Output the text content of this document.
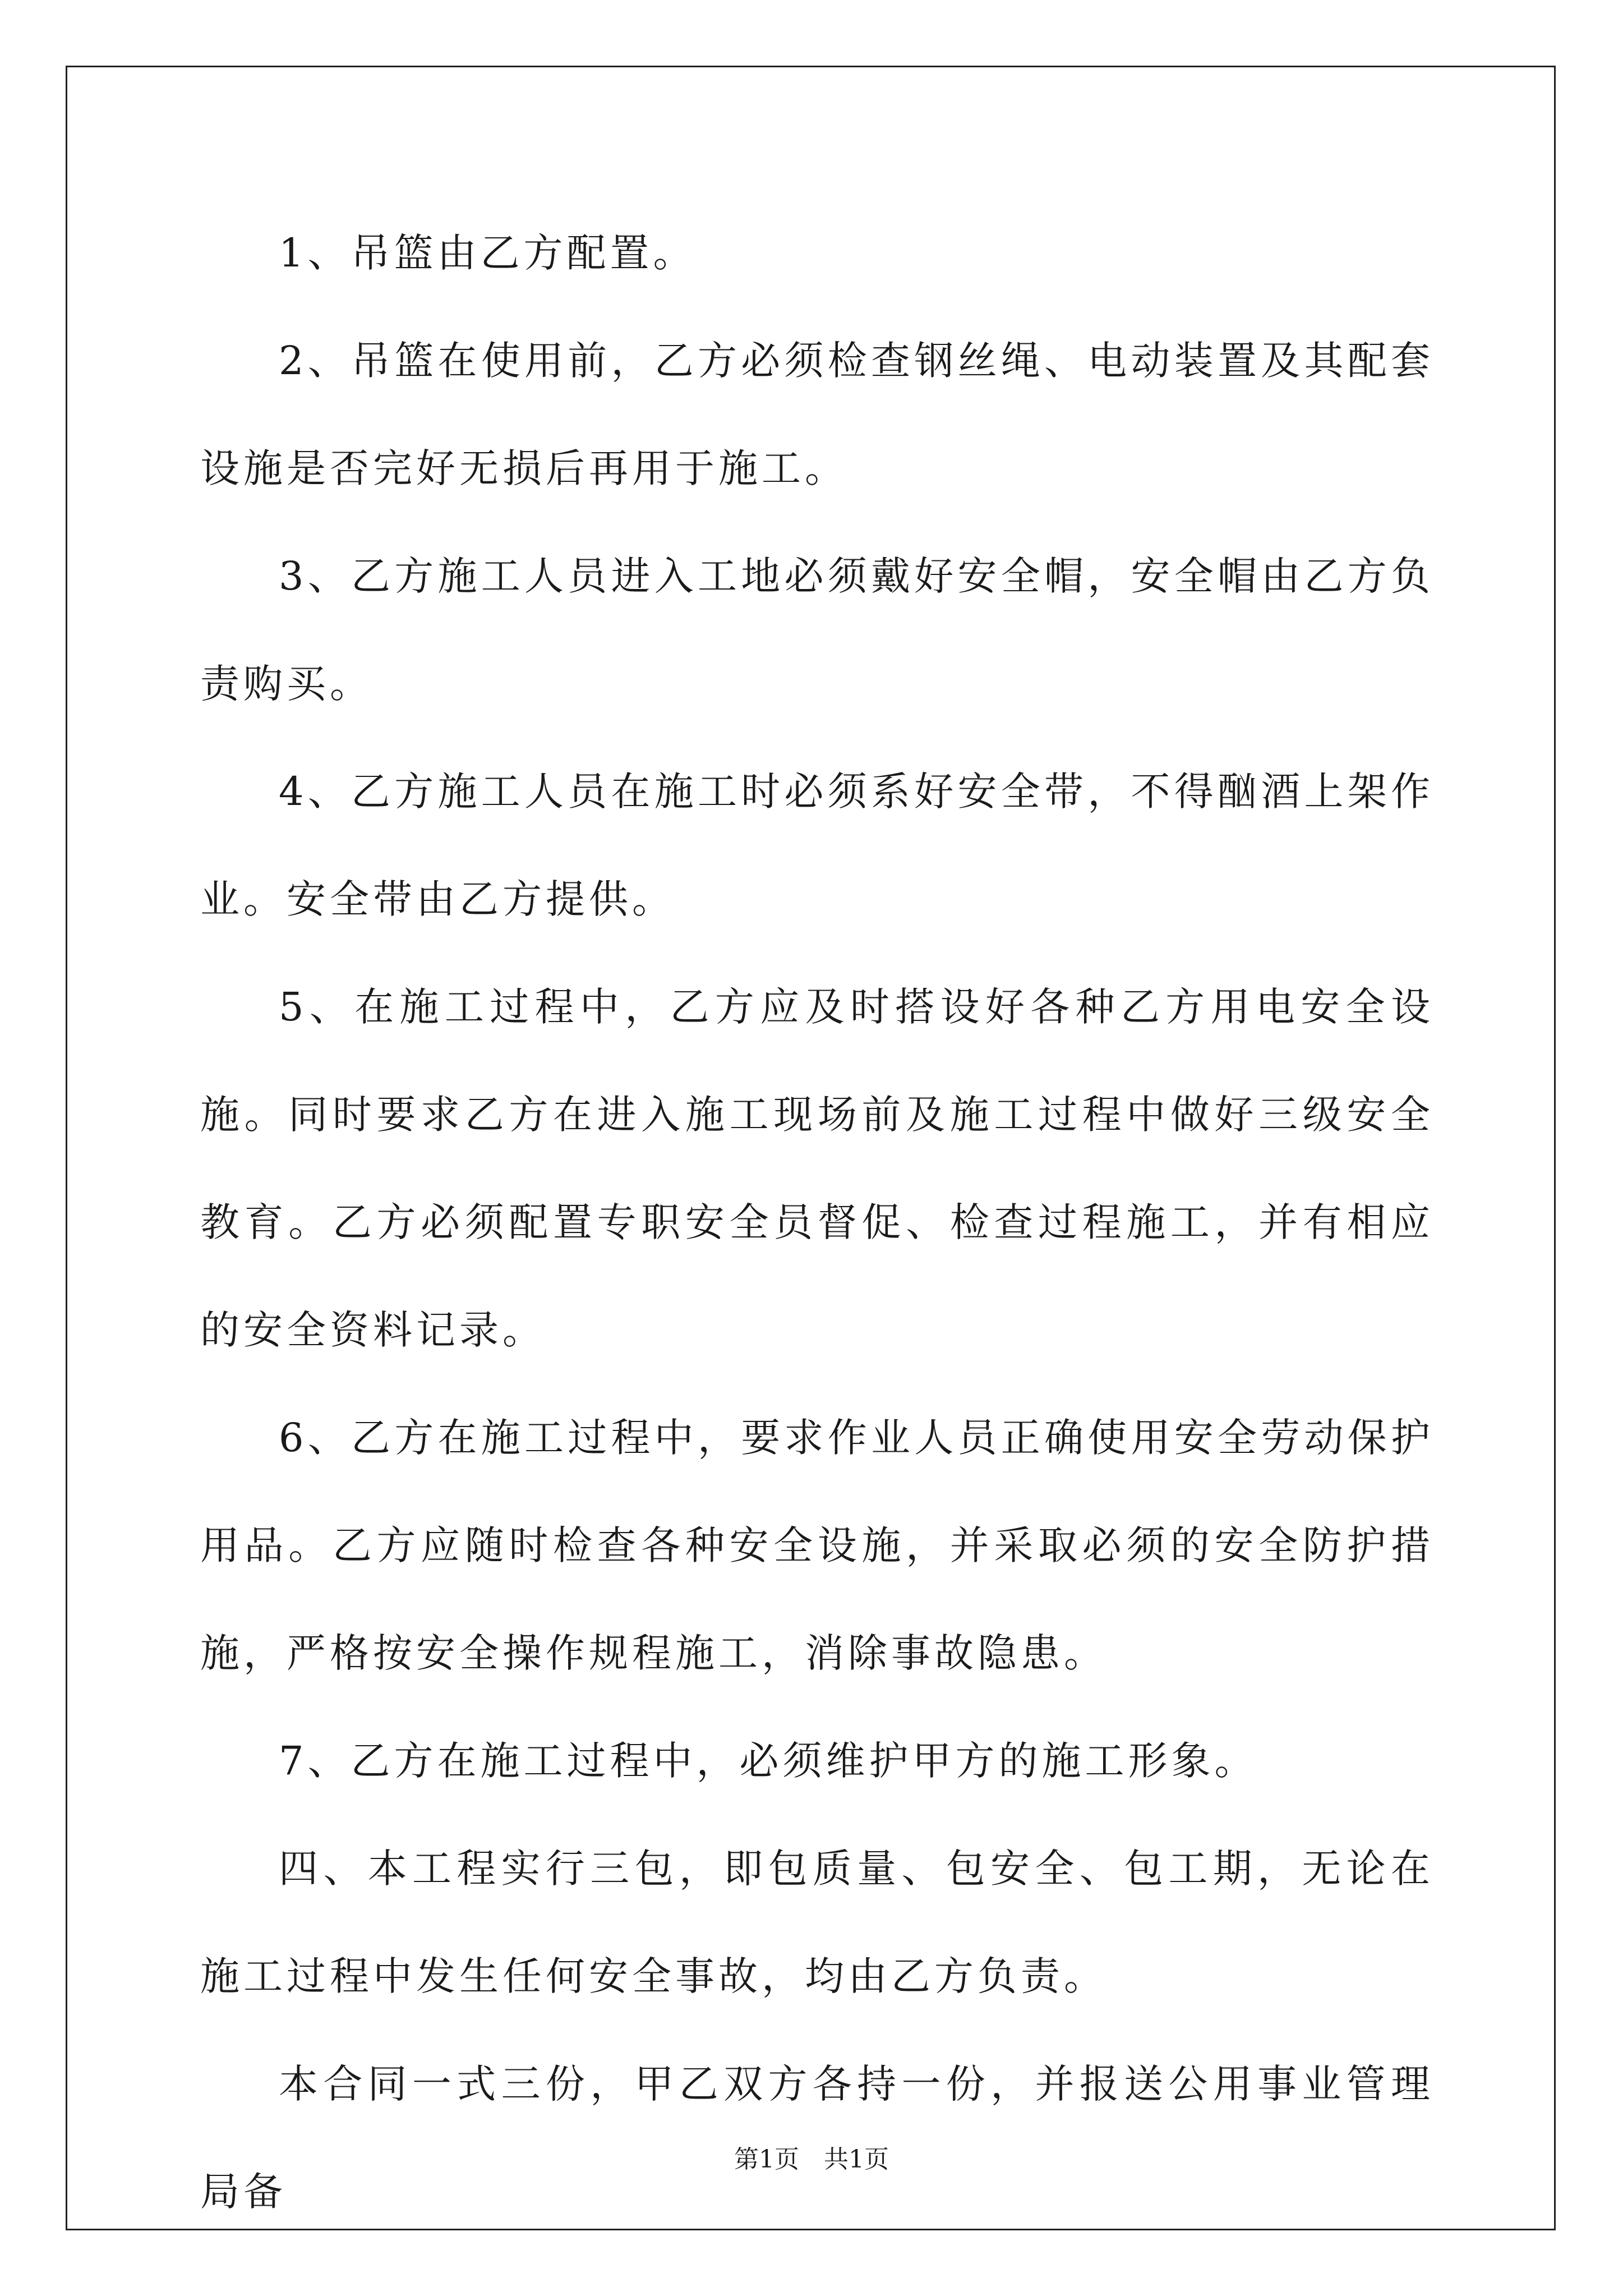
1、吊篮由乙方配置。

2、吊篮在使用前，乙方必须检查钢丝绳、电动装置及其配套设施是否完好无损后再用于施工。

3、乙方施工人员进入工地必须戴好安全帽，安全帽由乙方负责购买。

4、乙方施工人员在施工时必须系好安全带，不得酗酒上架作业。安全带由乙方提供。

5、在施工过程中，乙方应及时搭设好各种乙方用电安全设施。同时要求乙方在进入施工现场前及施工过程中做好三级安全教育。乙方必须配置专职安全员督促、检查过程施工，并有相应的安全资料记录。

6、乙方在施工过程中，要求作业人员正确使用安全劳动保护用品。乙方应随时检查各种安全设施，并采取必须的安全防护措施，严格按安全操作规程施工，消除事故隐患。

7、乙方在施工过程中，必须维护甲方的施工形象。

四、本工程实行三包，即包质量、包安全、包工期，无论在施工过程中发生任何安全事故，均由乙方负责。

本合同一式三份，甲乙双方各持一份，并报送公用事业管理局备

第1页　共1页
